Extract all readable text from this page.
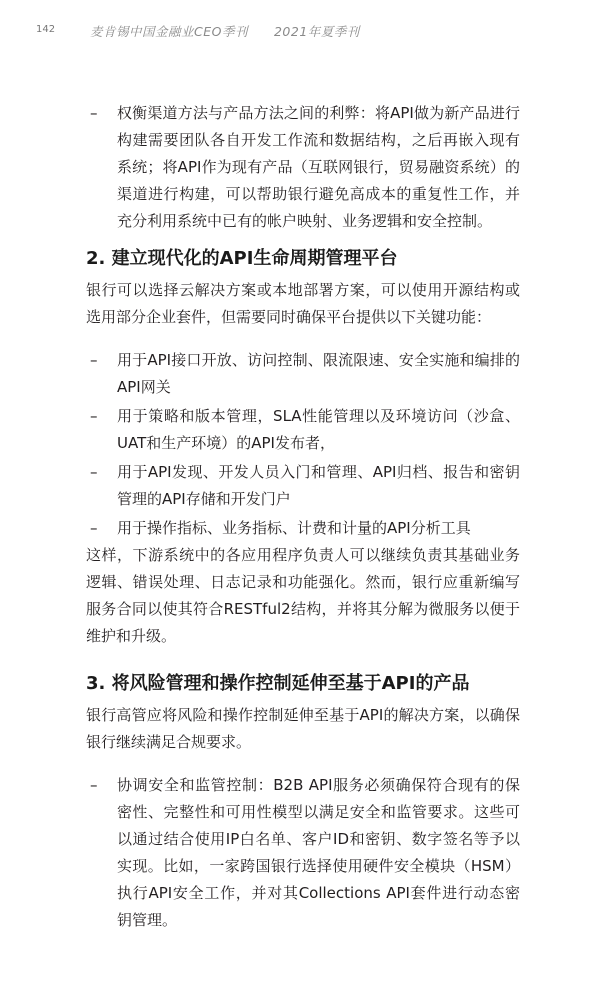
142	麦肯锡中国金融业CEO季刊　　2021年夏季刊
–	权衡渠道方法与产品方法之间的利弊：将API做为新产品进行构建需要团队各自开发工作流和数据结构，之后再嵌入现有系统；将API作为现有产品（互联网银行，贸易融资系统）的渠道进行构建，可以帮助银行避免高成本的重复性工作，并充分利用系统中已有的帐户映射、业务逻辑和安全控制。
2. 建立现代化的API生命周期管理平台

银行可以选择云解决方案或本地部署方案，可以使用开源结构或选用部分企业套件，但需要同时确保平台提供以下关键功能：

–	用于API接口开放、访问控制、限流限速、安全实施和编排的API网关
–	用于策略和版本管理，SLA性能管理以及环境访问（沙盒、UAT和生产环境）的API发布者，
–	用于API发现、开发人员入门和管理、API归档、报告和密钥管理的API存储和开发门户
–	用于操作指标、业务指标、计费和计量的API分析工具

这样，下游系统中的各应用程序负责人可以继续负责其基础业务逻辑、错误处理、日志记录和功能强化。然而，银行应重新编写服务合同以使其符合RESTful2结构，并将其分解为微服务以便于维护和升级。

3. 将风险管理和操作控制延伸至基于API的产品

银行高管应将风险和操作控制延伸至基于API的解决方案，以确保银行继续满足合规要求。

–	协调安全和监管控制：B2B API服务必须确保符合现有的保密性、完整性和可用性模型以满足安全和监管要求。这些可以通过结合使用IP白名单、客户ID和密钥、数字签名等予以实现。比如，一家跨国银行选择使用硬件安全模块（HSM）执行API安全工作，并对其Collections API套件进行动态密钥管理。
